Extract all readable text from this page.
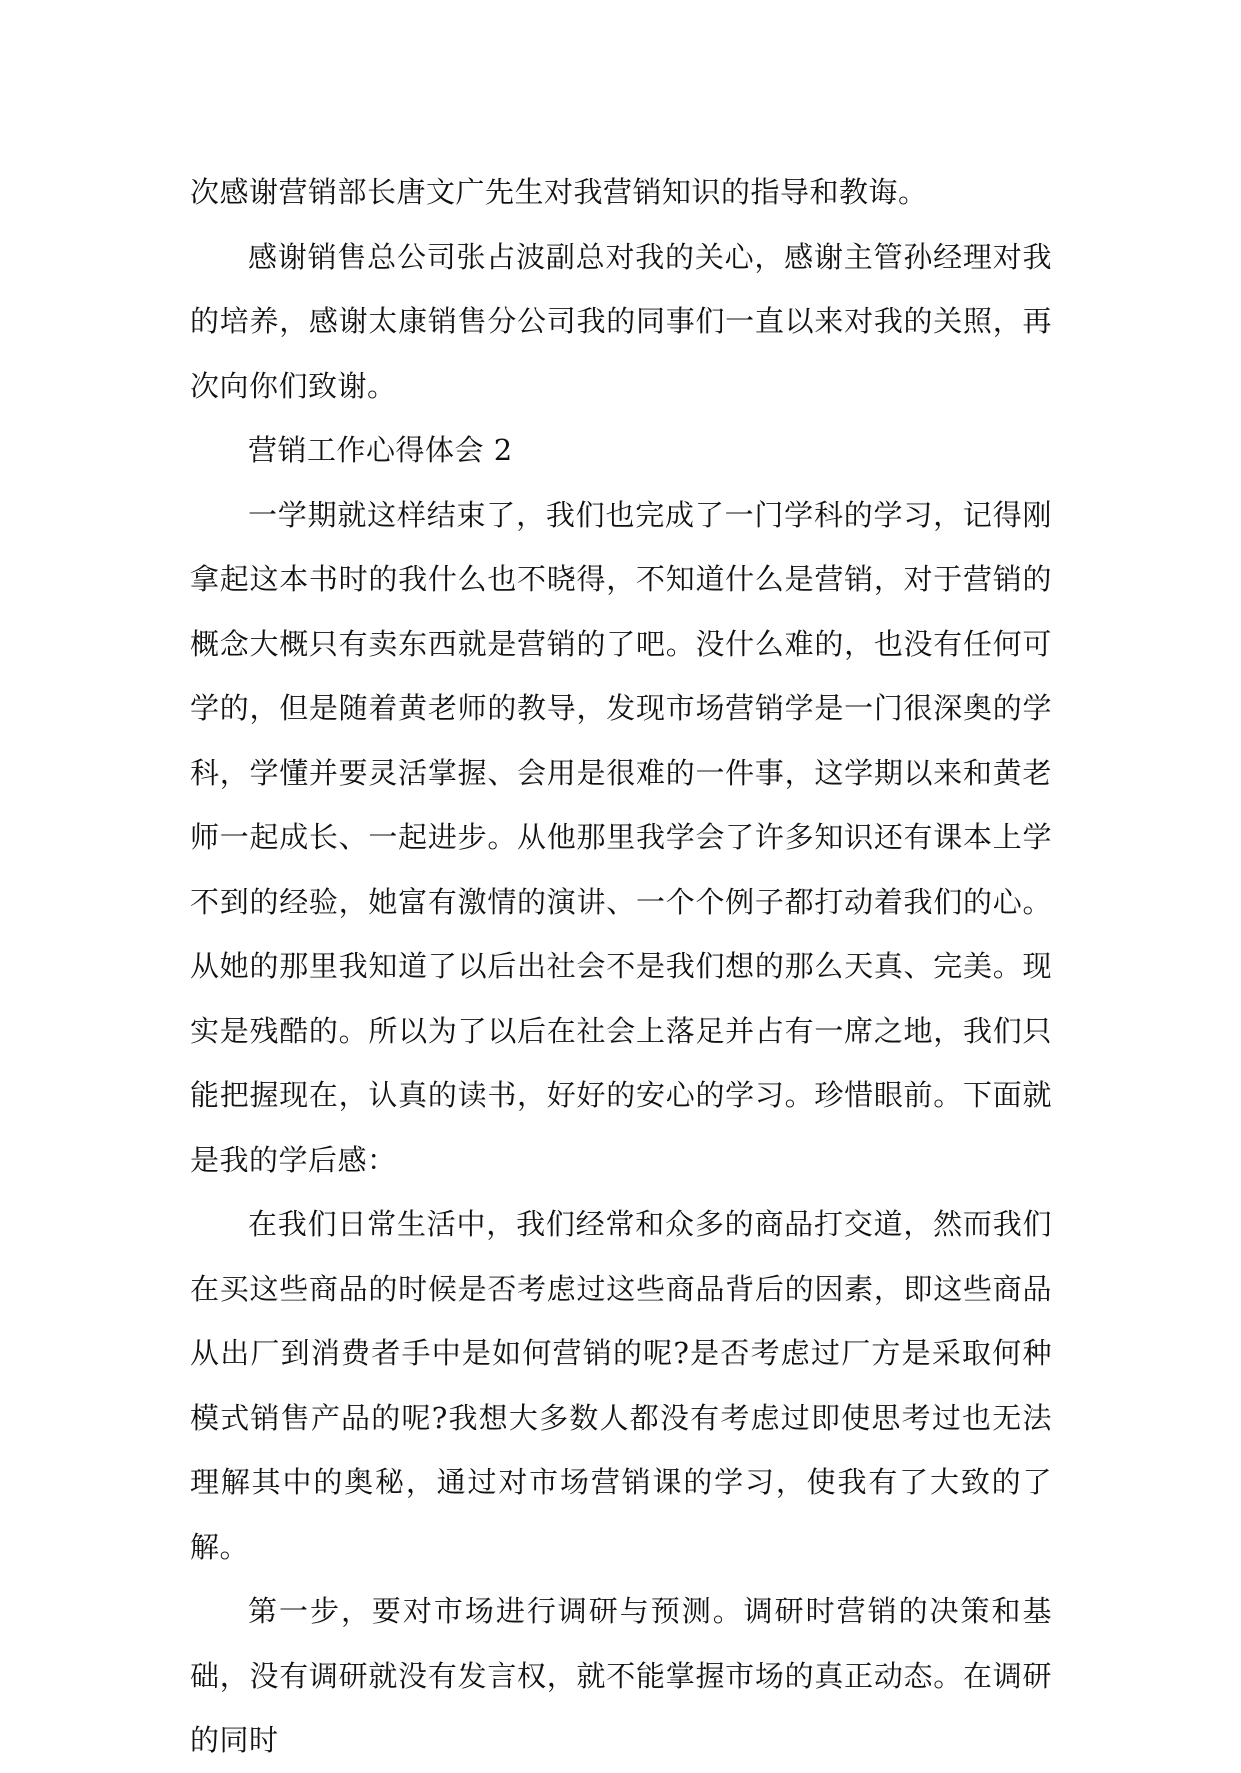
次感谢营销部长唐文广先生对我营销知识的指导和教诲。

感谢销售总公司张占波副总对我的关心，感谢主管孙经理对我的培养，感谢太康销售分公司我的同事们一直以来对我的关照，再次向你们致谢。

营销工作心得体会 2

一学期就这样结束了，我们也完成了一门学科的学习，记得刚拿起这本书时的我什么也不晓得，不知道什么是营销，对于营销的概念大概只有卖东西就是营销的了吧。没什么难的，也没有任何可学的，但是随着黄老师的教导，发现市场营销学是一门很深奥的学科，学懂并要灵活掌握、会用是很难的一件事，这学期以来和黄老师一起成长、一起进步。从他那里我学会了许多知识还有课本上学不到的经验，她富有激情的演讲、一个个例子都打动着我们的心。从她的那里我知道了以后出社会不是我们想的那么天真、完美。现实是残酷的。所以为了以后在社会上落足并占有一席之地，我们只能把握现在，认真的读书，好好的安心的学习。珍惜眼前。下面就是我的学后感：

在我们日常生活中，我们经常和众多的商品打交道，然而我们在买这些商品的时候是否考虑过这些商品背后的因素，即这些商品从出厂到消费者手中是如何营销的呢?是否考虑过厂方是采取何种模式销售产品的呢?我想大多数人都没有考虑过即使思考过也无法理解其中的奥秘，通过对市场营销课的学习，使我有了大致的了解。

第一步，要对市场进行调研与预测。调研时营销的决策和基础，没有调研就没有发言权，就不能掌握市场的真正动态。在调研的同时
